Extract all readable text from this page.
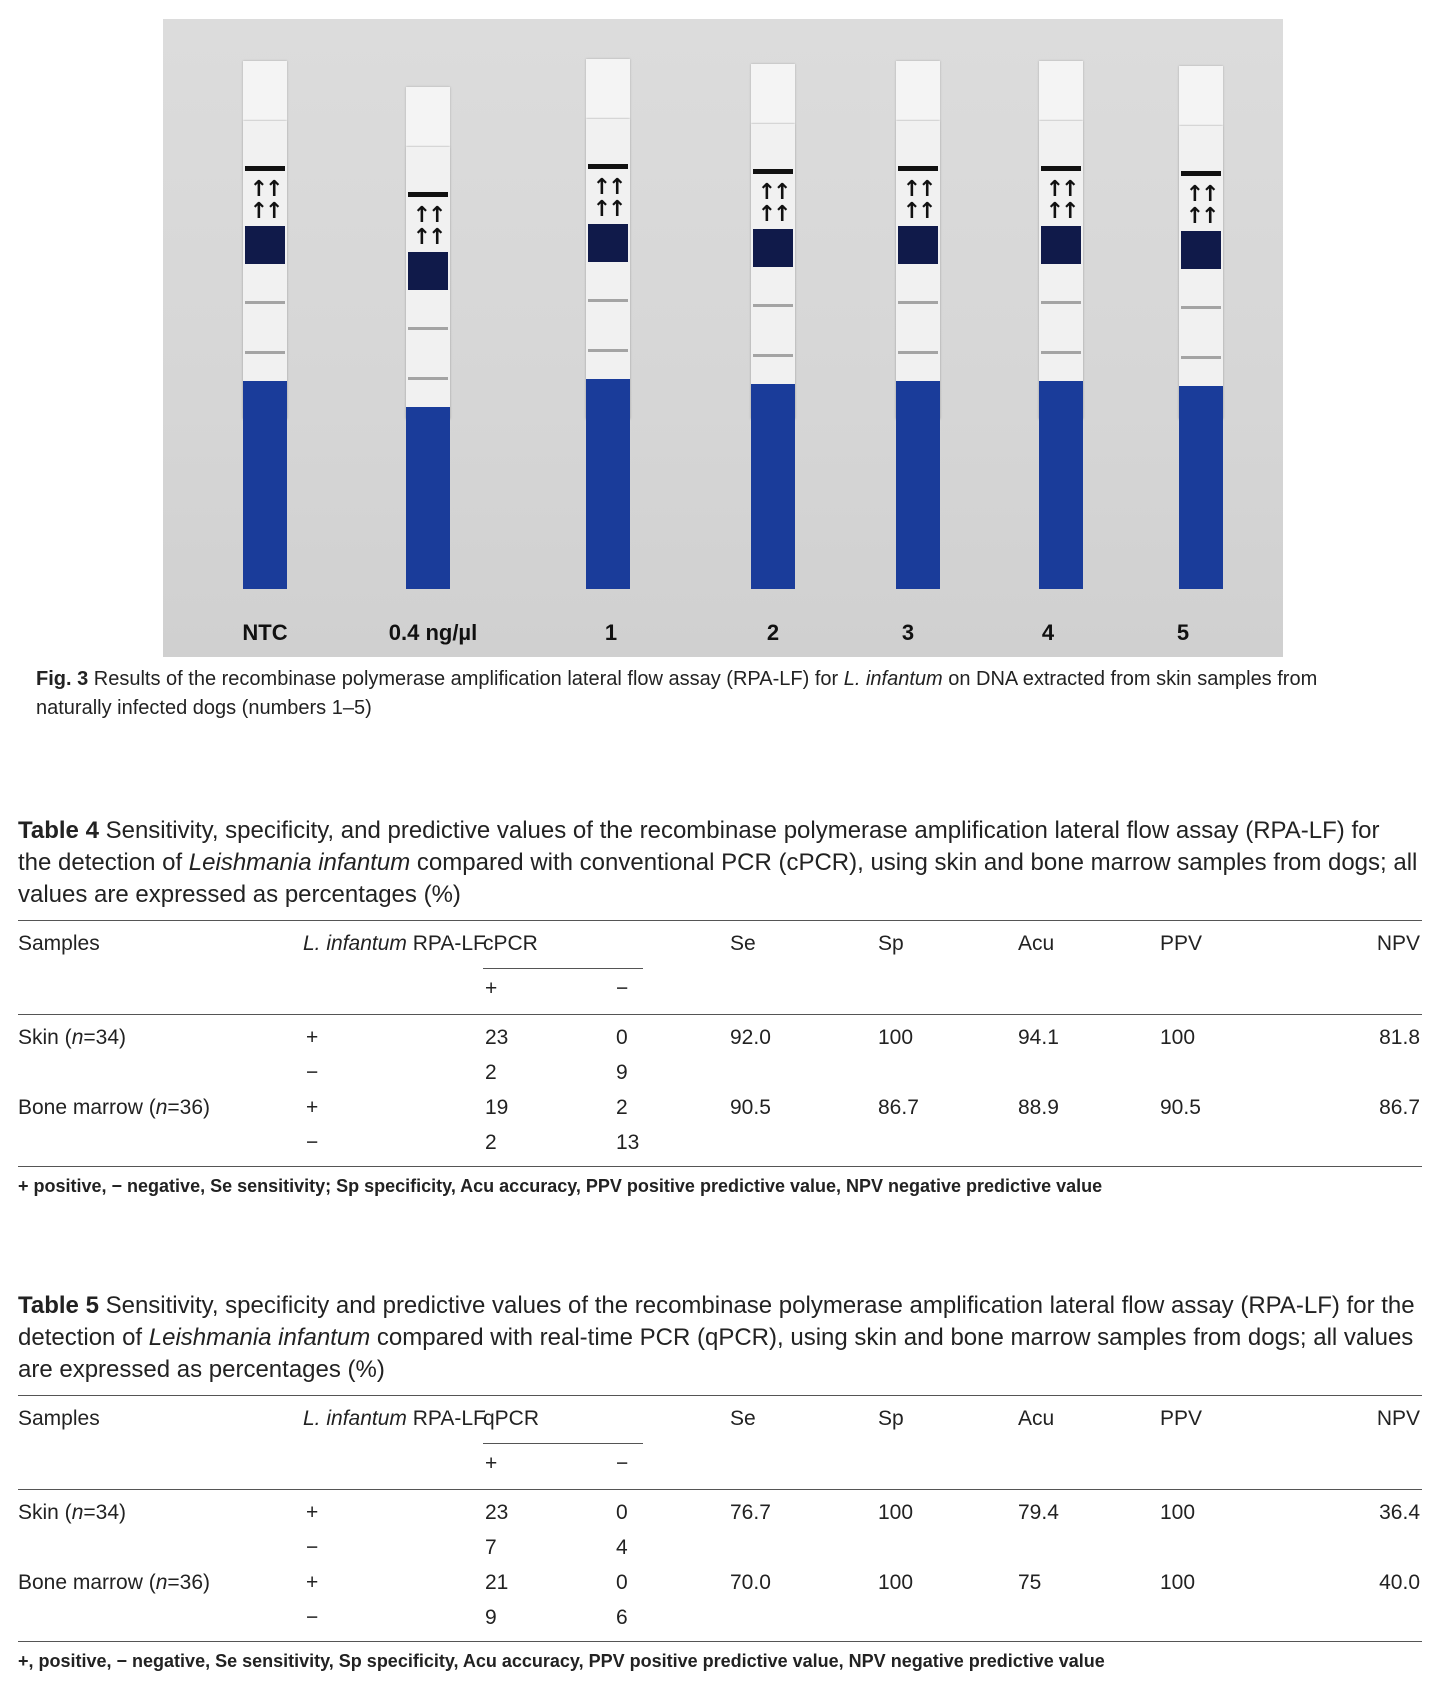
↑↑
↑↑
NTC
↑↑
↑↑
0.4 ng/µl
↑↑
↑↑
1
↑↑
↑↑
2
↑↑
↑↑
3
↑↑
↑↑
4
↑↑
↑↑
5
Fig. 3 Results of the recombinase polymerase amplification lateral flow assay (RPA-LF) for L. infantum on DNA extracted from skin samples from naturally infected dogs (numbers 1–5)
Table 4 Sensitivity, specificity, and predictive values of the recombinase polymerase amplification lateral flow assay (RPA-LF) for the detection of Leishmania infantum compared with conventional PCR (cPCR), using skin and bone marrow samples from dogs; all values are expressed as percentages (%)
Samples	L. infantum RPA-LF
cPCR
+	−
Se	Sp	Acu	PPV	NPV
Skin (n=34)	+	23	0	92.0	100	94.1	100	81.8
−	2	9
Bone marrow (n=36)	+	19	2	90.5	86.7	88.9	90.5	86.7
−	2	13
+ positive, − negative, Se sensitivity; Sp specificity, Acu accuracy, PPV positive predictive value, NPV negative predictive value
Table 5 Sensitivity, specificity and predictive values of the recombinase polymerase amplification lateral flow assay (RPA-LF) for the detection of Leishmania infantum compared with real-time PCR (qPCR), using skin and bone marrow samples from dogs; all values are expressed as percentages (%)
Samples	L. infantum RPA-LF
qPCR
+	−
Se	Sp	Acu	PPV	NPV
Skin (n=34)	+	23	0	76.7	100	79.4	100	36.4
−	7	4
Bone marrow (n=36)	+	21	0	70.0	100	75	100	40.0
−	9	6
+, positive, − negative, Se sensitivity, Sp specificity, Acu accuracy, PPV positive predictive value, NPV negative predictive value
